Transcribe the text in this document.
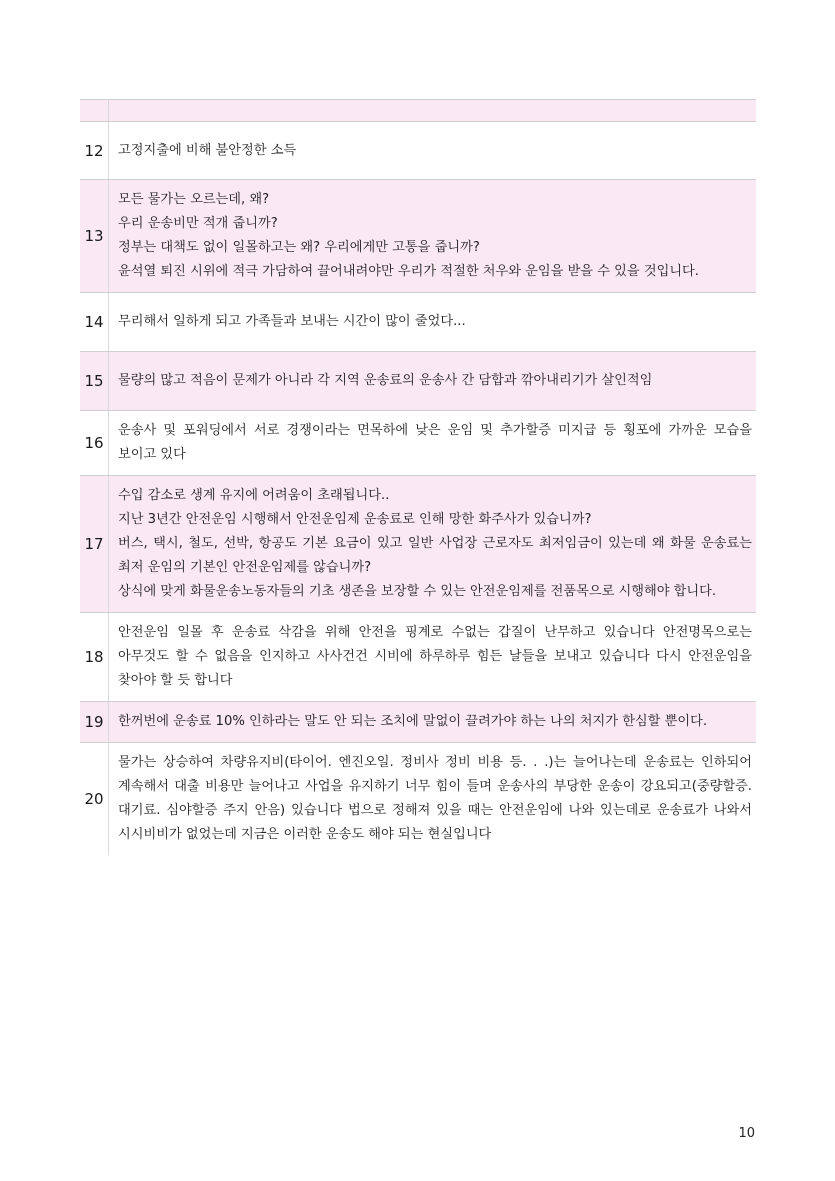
12	고정지출에 비해 불안정한 소득

13	모든 물가는 오르는데, 왜?
우리 운송비만 적개 줍니까?
정부는 대책도 없이 일몰하고는 왜? 우리에게만 고통을 줍니까?
윤석열 퇴진 시위에 적극 가담하여 끌어내려야만 우리가 적절한 처우와 운임을 받을 수 있을 것입니다.

14	무리해서 일하게 되고 가족들과 보내는 시간이 많이 줄었다...

15	물량의 많고 적음이 문제가 아니라 각 지역 운송료의 운송사 간 담합과 깎아내리기가 살인적임

16	운송사 및 포워딩에서 서로 경쟁이라는 면목하에 낮은 운임 및 추가할증 미지급 등 횡포에 가까운 모습을 보이고 있다

17	수입 감소로 생계 유지에 어려움이 초래됩니다..
지난 3년간 안전운임 시행해서 안전운임제 운송료로 인해 망한 화주사가 있습니까?
버스, 택시, 철도, 선박, 항공도 기본 요금이 있고 일반 사업장 근로자도 최저임금이 있는데 왜 화물 운송료는 최저 운임의 기본인 안전운임제를 않습니까?
상식에 맞게 화물운송노동자들의 기초 생존을 보장할 수 있는 안전운임제를 전품목으로 시행해야 합니다.

18	안전운임 일몰 후 운송료 삭감을 위해 안전을 핑계로 수없는 갑질이 난무하고 있습니다 안전명목으로는 아무것도 할 수 없음을 인지하고 사사건건 시비에 하루하루 힘든 날들을 보내고 있습니다 다시 안전운임을 찾아야 할 듯 합니다

19	한꺼번에 운송료 10% 인하라는 말도 안 되는 조치에 말없이 끌려가야 하는 나의 처지가 한심할 뿐이다.

20	물가는 상승하여 차량유지비(타이어. 엔진오일. 정비사 정비 비용 등. . .)는 늘어나는데 운송료는 인하되어 계속해서 대출 비용만 늘어나고 사업을 유지하기 너무 힘이 들며 운송사의 부당한 운송이 강요되고(중량할증. 대기료. 심야할증 주지 안음) 있습니다 법으로 정해져 있을 때는 안전운임에 나와 있는데로 운송료가 나와서 시시비비가 없었는데 지금은 이러한 운송도 해야 되는 현실입니다
10
